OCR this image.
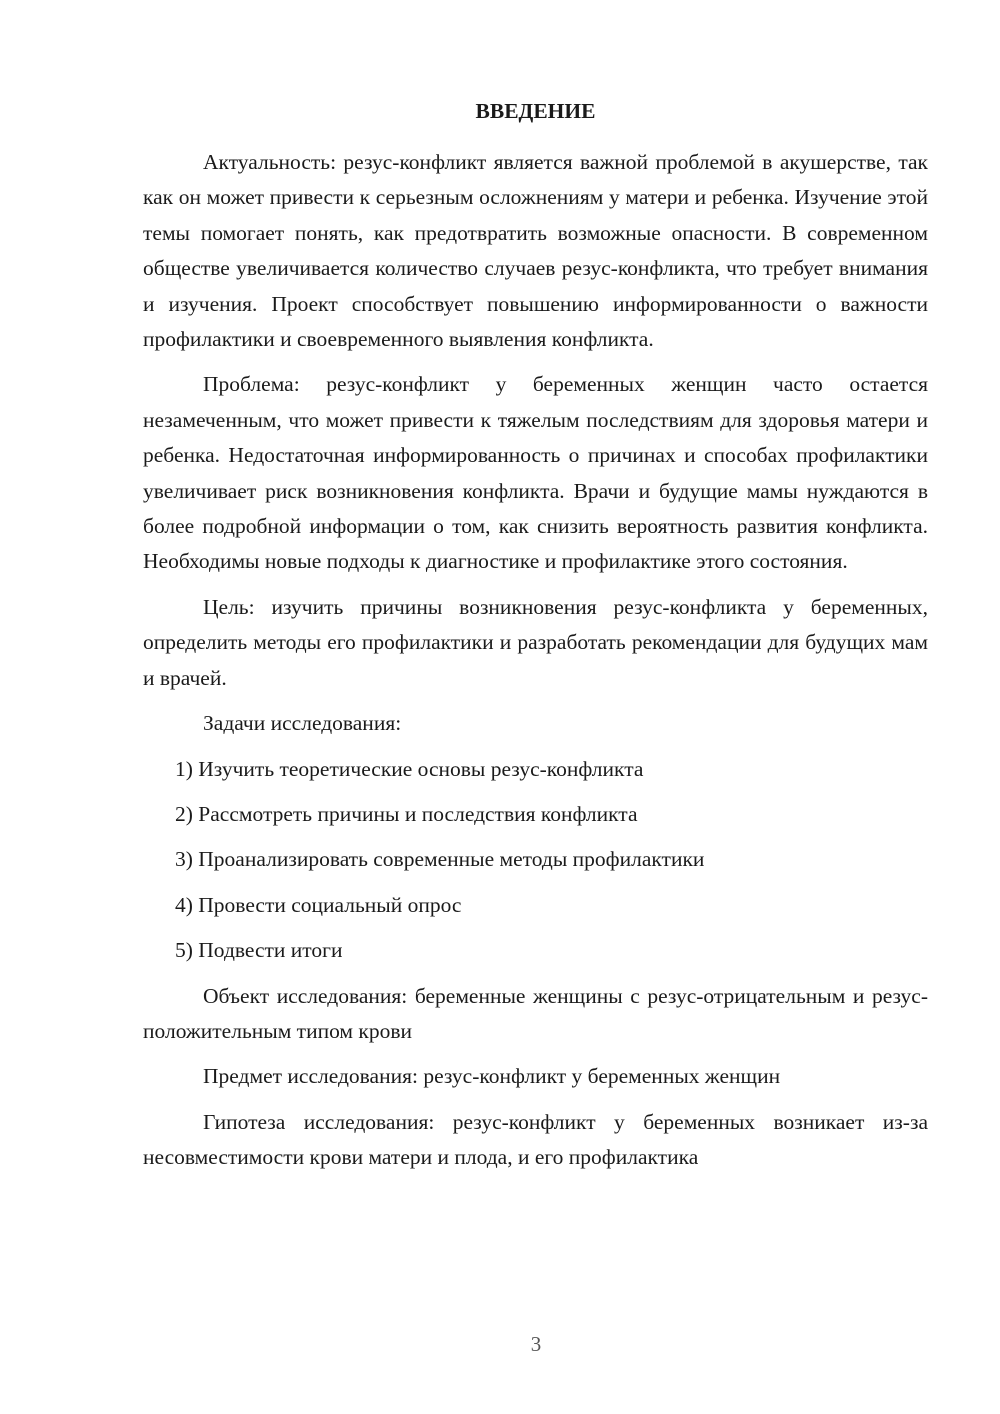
ВВЕДЕНИЕ

Актуальность: резус-конфликт является важной проблемой в акушерстве, так как он может привести к серьезным осложнениям у матери и ребенка. Изучение этой темы помогает понять, как предотвратить возможные опасности. В современном обществе увеличивается количество случаев резус-конфликта, что требует внимания и изучения. Проект способствует повышению информированности о важности профилактики и своевременного выявления конфликта.

Проблема: резус-конфликт у беременных женщин часто остается незамеченным, что может привести к тяжелым последствиям для здоровья матери и ребенка. Недостаточная информированность о причинах и способах профилактики увеличивает риск возникновения конфликта. Врачи и будущие мамы нуждаются в более подробной информации о том, как снизить вероятность развития конфликта. Необходимы новые подходы к диагностике и профилактике этого состояния.

Цель: изучить причины возникновения резус-конфликта у беременных, определить методы его профилактики и разработать рекомендации для будущих мам и врачей.

Задачи исследования:

1) Изучить теоретические основы резус-конфликта
2) Рассмотреть причины и последствия конфликта
3) Проанализировать современные методы профилактики
4) Провести социальный опрос
5) Подвести итоги

Объект исследования: беременные женщины с резус-отрицательным и резус-положительным типом крови

Предмет исследования: резус-конфликт у беременных женщин

Гипотеза исследования: резус-конфликт у беременных возникает из-за несовместимости крови матери и плода, и его профилактика

3
